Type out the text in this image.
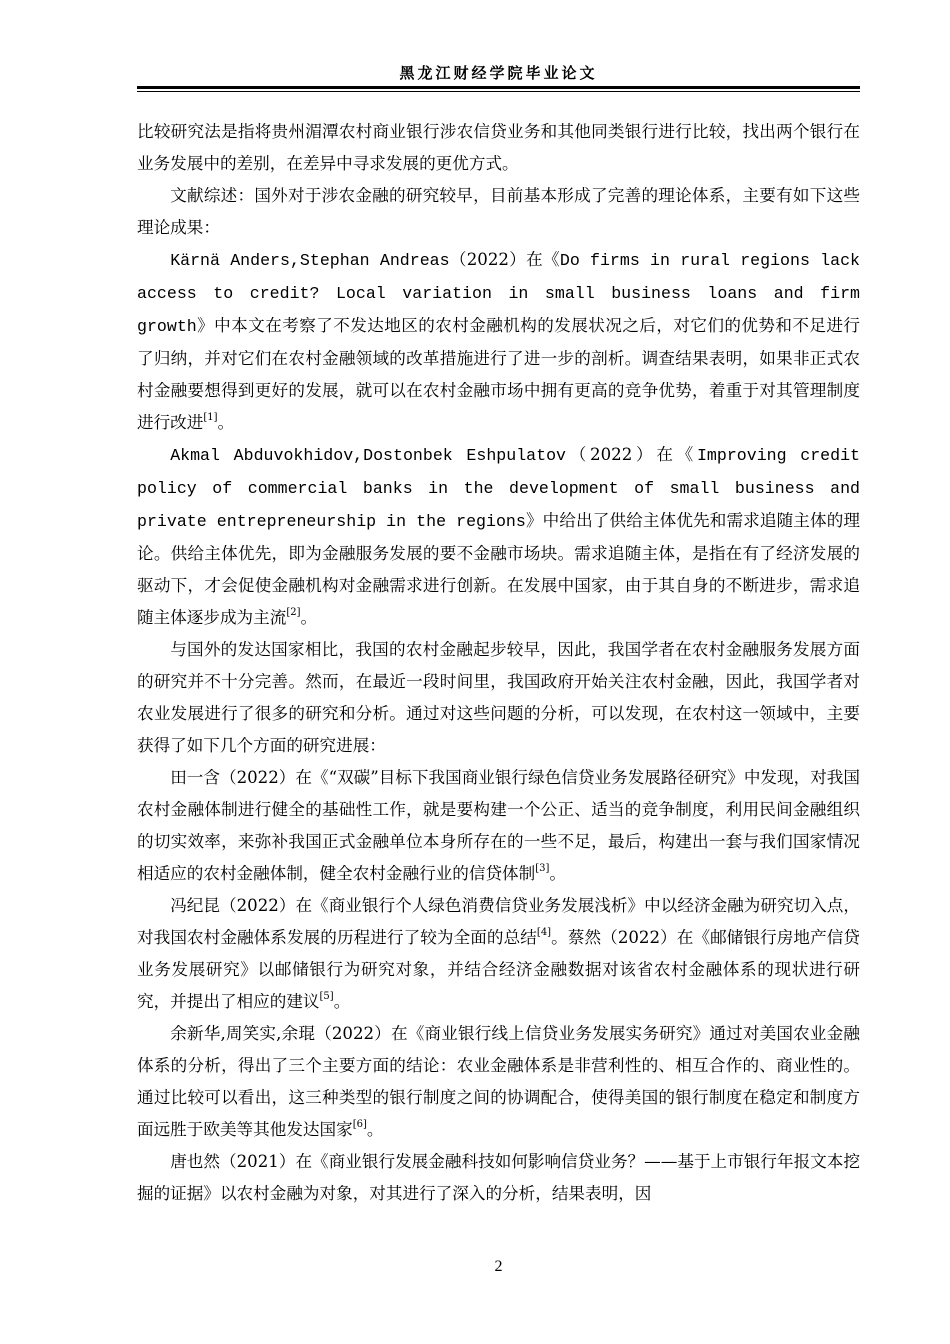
黑龙江财经学院毕业论文

比较研究法是指将贵州湄潭农村商业银行涉农信贷业务和其他同类银行进行比较，找出两个银行在业务发展中的差别，在差异中寻求发展的更优方式。

文献综述：国外对于涉农金融的研究较早，目前基本形成了完善的理论体系，主要有如下这些理论成果：

Kärnä Anders,Stephan Andreas（2022）在《Do firms in rural regions lack access to credit? Local variation in small business loans and firm growth》中本文在考察了不发达地区的农村金融机构的发展状况之后，对它们的优势和不足进行了归纳，并对它们在农村金融领域的改革措施进行了进一步的剖析。调查结果表明，如果非正式农村金融要想得到更好的发展，就可以在农村金融市场中拥有更高的竞争优势，着重于对其管理制度进行改进[1]。

Akmal Abduvokhidov,Dostonbek Eshpulatov（2022）在《Improving credit policy of commercial banks in the development of small business and private entrepreneurship in the regions》中给出了供给主体优先和需求追随主体的理论。供给主体优先，即为金融服务发展的要不金融市场块。需求追随主体，是指在有了经济发展的驱动下，才会促使金融机构对金融需求进行创新。在发展中国家，由于其自身的不断进步，需求追随主体逐步成为主流[2]。

与国外的发达国家相比，我国的农村金融起步较早，因此，我国学者在农村金融服务发展方面的研究并不十分完善。然而，在最近一段时间里，我国政府开始关注农村金融，因此，我国学者对农业发展进行了很多的研究和分析。通过对这些问题的分析，可以发现，在农村这一领域中，主要获得了如下几个方面的研究进展：

田一含（2022）在《“双碳”目标下我国商业银行绿色信贷业务发展路径研究》中发现，对我国农村金融体制进行健全的基础性工作，就是要构建一个公正、适当的竞争制度，利用民间金融组织的切实效率，来弥补我国正式金融单位本身所存在的一些不足，最后，构建出一套与我们国家情况相适应的农村金融体制，健全农村金融行业的信贷体制[3]。

冯纪昆（2022）在《商业银行个人绿色消费信贷业务发展浅析》中以经济金融为研究切入点，对我国农村金融体系发展的历程进行了较为全面的总结[4]。蔡然（2022）在《邮储银行房地产信贷业务发展研究》以邮储银行为研究对象，并结合经济金融数据对该省农村金融体系的现状进行研究，并提出了相应的建议[5]。

余新华,周笑实,余琨（2022）在《商业银行线上信贷业务发展实务研究》通过对美国农业金融体系的分析，得出了三个主要方面的结论：农业金融体系是非营利性的、相互合作的、商业性的。通过比较可以看出，这三种类型的银行制度之间的协调配合，使得美国的银行制度在稳定和制度方面远胜于欧美等其他发达国家[6]。

唐也然（2021）在《商业银行发展金融科技如何影响信贷业务？——基于上市银行年报文本挖掘的证据》以农村金融为对象，对其进行了深入的分析，结果表明，因

2
